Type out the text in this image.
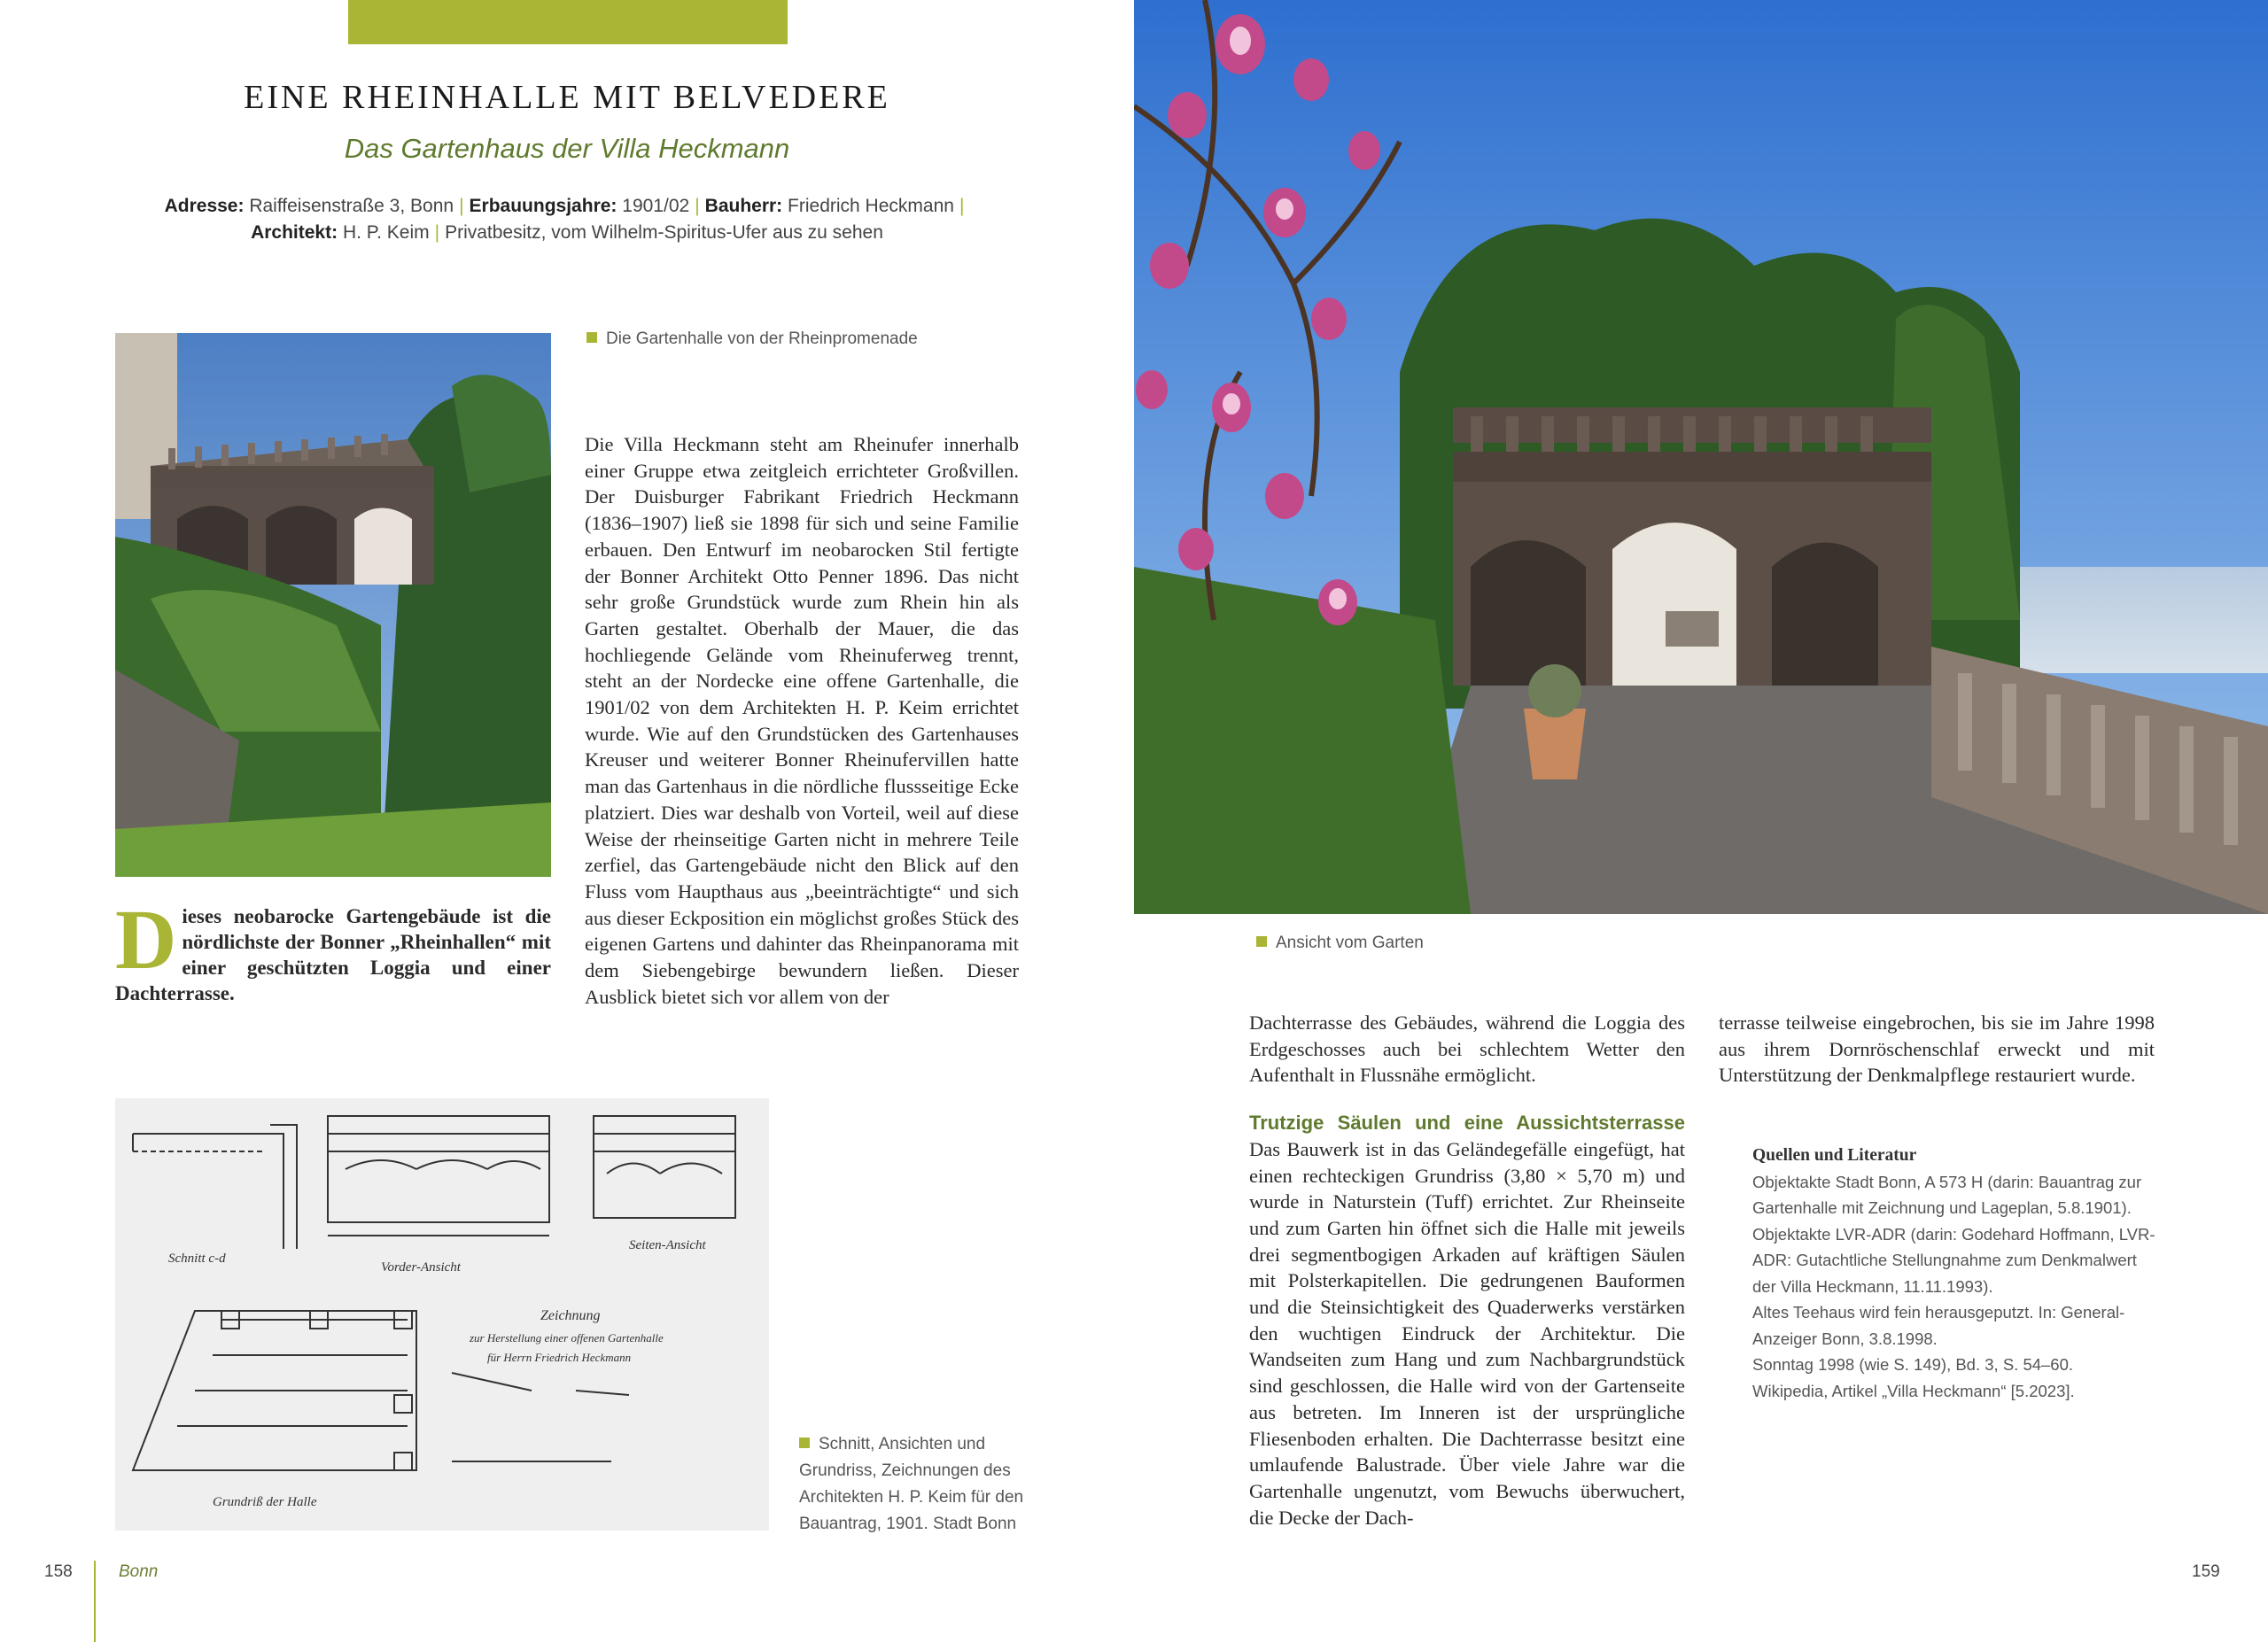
EINE RHEINHALLE MIT BELVEDERE
Das Gartenhaus der Villa Heckmann
Adresse: Raiffeisenstraße 3, Bonn | Erbauungsjahre: 1901/02 | Bauherr: Friedrich Heckmann |
Architekt: H. P. Keim | Privatbesitz, vom Wilhelm-Spiritus-Ufer aus zu sehen
Die Gartenhalle von der Rheinpromenade
Die Villa Heckmann steht am Rheinufer innerhalb einer Gruppe etwa zeitgleich errichteter Großvillen. Der Duisburger Fabrikant Friedrich Heckmann (1836–1907) ließ sie 1898 für sich und seine Familie erbauen. Den Entwurf im neobarocken Stil fertigte der Bonner Architekt Otto Penner 1896. Das nicht sehr große Grundstück wurde zum Rhein hin als Garten gestaltet. Oberhalb der Mauer, die das hochliegende Gelände vom Rheinuferweg trennt, steht an der Nordecke eine offene Gartenhalle, die 1901/02 von dem Architekten H. P. Keim errichtet wurde. Wie auf den Grundstücken des Gartenhauses Kreuser und weiterer Bonner Rheinufervillen hatte man das Gartenhaus in die nördliche flussseitige Ecke platziert. Dies war deshalb von Vorteil, weil auf diese Weise der rheinseitige Garten nicht in mehrere Teile zerfiel, das Gartengebäude nicht den Blick auf den Fluss vom Haupthaus aus „beeinträchtigte“ und sich aus dieser Eckposition ein möglichst großes Stück des eigenen Gartens und dahinter das Rheinpanorama mit dem Siebengebirge bewundern ließen. Dieser Ausblick bietet sich vor allem von der
Dieses neobarocke Gartengebäude ist die nördlichste der Bonner „Rheinhallen“ mit einer geschützten Loggia und einer Dachterrasse.
Schnitt c-d
Vorder-Ansicht
Seiten-Ansicht
Zeichnung
zur Herstellung einer offenen Gartenhalle
für Herrn Friedrich Heckmann
Grundriß der Halle
Schnitt, Ansichten und
Grundriss, Zeichnungen des
Architekten H. P. Keim für den
Bauantrag, 1901. Stadt Bonn
158	Bonn
Ansicht vom Garten
Dachterrasse des Gebäudes, während die Loggia des Erdgeschosses auch bei schlechtem Wetter den Aufenthalt in Flussnähe ermöglicht.
Trutzige Säulen und eine Aussichtsterrasse Das Bauwerk ist in das Geländegefälle eingefügt, hat einen rechteckigen Grundriss (3,80 × 5,70 m) und wurde in Naturstein (Tuff) errichtet. Zur Rheinseite und zum Garten hin öffnet sich die Halle mit jeweils drei segmentbogigen Arkaden auf kräftigen Säulen mit Polsterkapitellen. Die gedrungenen Bauformen und die Steinsichtigkeit des Quaderwerks verstärken den wuchtigen Eindruck der Architektur. Die Wandseiten zum Hang und zum Nachbargrundstück sind geschlossen, die Halle wird von der Gartenseite aus betreten. Im Inneren ist der ursprüngliche Fliesenboden erhalten. Die Dachterrasse besitzt eine umlaufende Balustrade. Über viele Jahre war die Gartenhalle ungenutzt, vom Bewuchs überwuchert, die Decke der Dach-
terrasse teilweise eingebrochen, bis sie im Jahre 1998 aus ihrem Dornröschenschlaf erweckt und mit Unterstützung der Denkmalpflege restauriert wurde.
Quellen und Literatur
Objektakte Stadt Bonn, A 573 H (darin: Bauantrag zur
Gartenhalle mit Zeichnung und Lageplan, 5.8.1901).
Objektakte LVR-ADR (darin: Godehard Hoffmann, LVR-
ADR: Gutachtliche Stellungnahme zum Denkmalwert
der Villa Heckmann, 11.11.1993).
Altes Teehaus wird fein herausgeputzt. In: General-
Anzeiger Bonn, 3.8.1998.
Sonntag 1998 (wie S. 149), Bd. 3, S. 54–60.
Wikipedia, Artikel „Villa Heckmann“ [5.2023].
159
